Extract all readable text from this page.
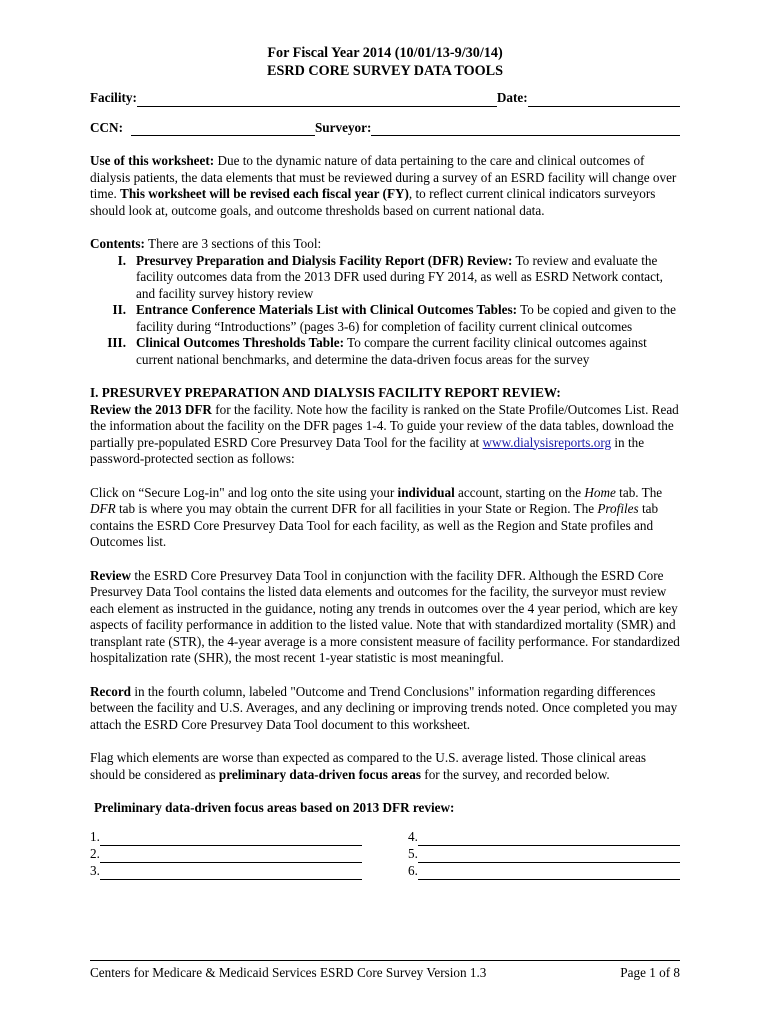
For Fiscal Year 2014 (10/01/13-9/30/14)
ESRD CORE SURVEY DATA TOOLS
Facility:	Date:
CCN:	Surveyor:

Use of this worksheet: Due to the dynamic nature of data pertaining to the care and clinical outcomes of dialysis patients, the data elements that must be reviewed during a survey of an ESRD facility will change over time. This worksheet will be revised each fiscal year (FY), to reflect current clinical indicators surveyors should look at, outcome goals, and outcome thresholds based on current national data.

Contents: There are 3 sections of this Tool:

I. Presurvey Preparation and Dialysis Facility Report (DFR) Review: To review and evaluate the facility outcomes data from the 2013 DFR used during FY 2014, as well as ESRD Network contact, and facility survey history review
II. Entrance Conference Materials List with Clinical Outcomes Tables: To be copied and given to the facility during “Introductions” (pages 3-6) for completion of facility current clinical outcomes
III. Clinical Outcomes Thresholds Table: To compare the current facility clinical outcomes against current national benchmarks, and determine the data-driven focus areas for the survey
I. PRESURVEY PREPARATION AND DIALYSIS FACILITY REPORT REVIEW:

Review the 2013 DFR for the facility. Note how the facility is ranked on the State Profile/Outcomes List. Read the information about the facility on the DFR pages 1-4. To guide your review of the data tables, download the partially pre-populated ESRD Core Presurvey Data Tool for the facility at www.dialysisreports.org in the password-protected section as follows:

Click on “Secure Log-in" and log onto the site using your individual account, starting on the Home tab. The DFR tab is where you may obtain the current DFR for all facilities in your State or Region. The Profiles tab contains the ESRD Core Presurvey Data Tool for each facility, as well as the Region and State profiles and Outcomes list.

Review the ESRD Core Presurvey Data Tool in conjunction with the facility DFR. Although the ESRD Core Presurvey Data Tool contains the listed data elements and outcomes for the facility, the surveyor must review each element as instructed in the guidance, noting any trends in outcomes over the 4 year period, which are key aspects of facility performance in addition to the listed value. Note that with standardized mortality (SMR) and transplant rate (STR), the 4-year average is a more consistent measure of facility performance. For standardized hospitalization rate (SHR), the most recent 1-year statistic is most meaningful.

Record in the fourth column, labeled "Outcome and Trend Conclusions" information regarding differences between the facility and U.S. Averages, and any declining or improving trends noted. Once completed you may attach the ESRD Core Presurvey Data Tool document to this worksheet.

Flag which elements are worse than expected as compared to the U.S. average listed. Those clinical areas should be considered as preliminary data-driven focus areas for the survey, and recorded below.

Preliminary data-driven focus areas based on 2013 DFR review:
1.
2.
3.
4.
5.
6.
Centers for Medicare & Medicaid Services ESRD Core Survey Version 1.3	Page 1 of 8
